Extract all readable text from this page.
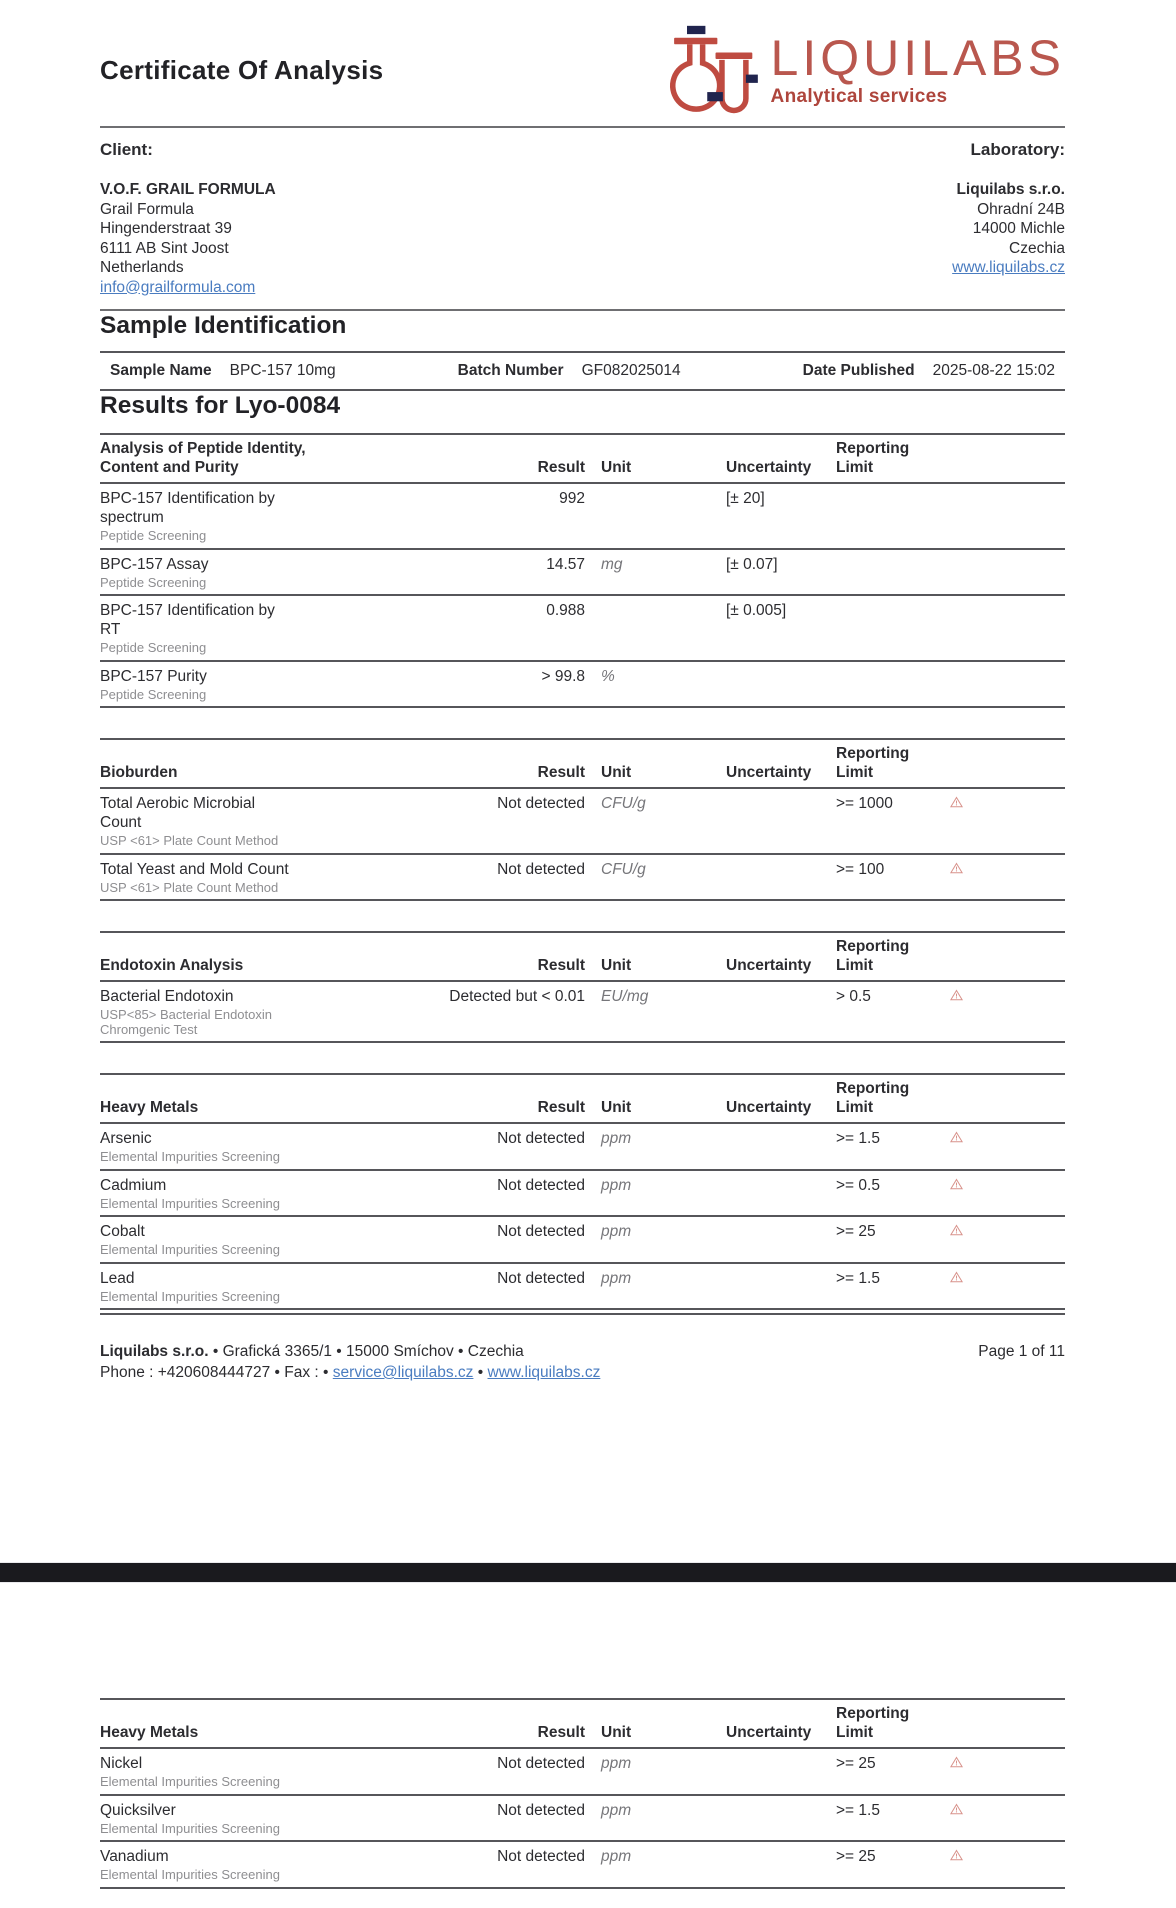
Certificate Of Analysis	LIQUILABS
Analytical services
Client:
V.O.F. GRAIL FORMULA
Grail Formula
Hingenderstraat 39
6111 AB Sint Joost
Netherlands
info@grailformula.com
Laboratory:
Liquilabs s.r.o.
Ohradní 24B
14000 Michle
Czechia
www.liquilabs.cz
Sample Identification
Sample Name BPC-157 10mg	Batch Number GF082025014	Date Published 2025-08-22 15:02
Results for Lyo-0084
Analysis of Peptide Identity,
Content and Purity	Result	Unit	Uncertainty	Reporting
Limit	

BPC-157 Identification by
spectrum
Peptide Screening	992		[± 20]		

BPC-157 Assay
Peptide Screening	14.57	mg	[± 0.07]		

BPC-157 Identification by
RT
Peptide Screening	0.988		[± 0.005]		

BPC-157 Purity
Peptide Screening	> 99.8	%			
Bioburden	Result	Unit	Uncertainty	Reporting
Limit	

Total Aerobic Microbial
Count
USP <61> Plate Count Method	Not detected	CFU/g		>= 1000	

Total Yeast and Mold Count
USP <61> Plate Count Method	Not detected	CFU/g		>= 100	
Endotoxin Analysis	Result	Unit	Uncertainty	Reporting
Limit	

Bacterial Endotoxin
USP<85> Bacterial Endotoxin
Chromgenic Test	Detected but < 0.01	EU/mg		> 0.5	
Heavy Metals	Result	Unit	Uncertainty	Reporting
Limit	

Arsenic
Elemental Impurities Screening	Not detected	ppm		>= 1.5	

Cadmium
Elemental Impurities Screening	Not detected	ppm		>= 0.5	

Cobalt
Elemental Impurities Screening	Not detected	ppm		>= 25	

Lead
Elemental Impurities Screening	Not detected	ppm		>= 1.5	
Liquilabs s.r.o. • Grafická 3365/1 • 15000 Smíchov • Czechia	Page 1 of 11
Phone : +420608444727 • Fax : • service@liquilabs.cz • www.liquilabs.cz
Heavy Metals	Result	Unit	Uncertainty	Reporting
Limit	

Nickel
Elemental Impurities Screening	Not detected	ppm		>= 25	

Quicksilver
Elemental Impurities Screening	Not detected	ppm		>= 1.5	

Vanadium
Elemental Impurities Screening	Not detected	ppm		>= 25	
